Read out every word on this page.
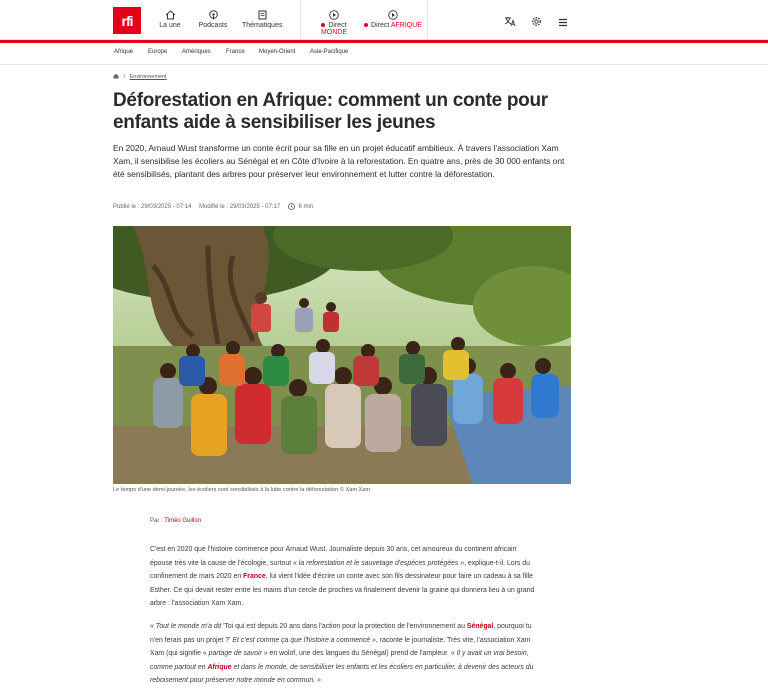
rfi	La une	Podcasts Thématiques	Direct MONDE
Direct AFRIQUE
Afrique Europe Amériques	France Moyen-Orient Asie-Pacifique
/ Environnement
Déforestation en Afrique: comment un conte pour enfants aide à sensibiliser les jeunes

En 2020, Arnaud Wust transforme un conte écrit pour sa fille en un projet éducatif ambitieux. À travers l'association Xam Xam, il sensibilise les écoliers au Sénégal et en Côte d'Ivoire à la reforestation. En quatre ans, près de 30 000 enfants ont été sensibilisés, plantant des arbres pour préserver leur environnement et lutter contre la déforestation.

Publié le : 29/03/2025 - 07:14 Modifié le : 29/03/2025 - 07:17	6 min
Le temps d'une demi-journée, les écoliers sont sensibilisés à la lutte contre la déforestation © Xam Xam
Par : Timéo Guillon

C'est en 2020 que l'histoire commence pour Arnaud Wust. Journaliste depuis 30 ans, cet amoureux du continent africain épouse très vite la cause de l'écologie, surtout « la reforestation et le sauvetage d'espèces protégées », explique-t-il. Lors du confinement de mars 2020 en France, lui vient l'idée d'écrire un conte avec son fils dessinateur pour faire un cadeau à sa fille Esther. Ce qui devait rester entre les mains d'un cercle de proches va finalement devenir la graine qui donnera lieu à un grand arbre : l'association Xam Xam.

« Tout le monde m'a dit 'Toi qui est depuis 20 ans dans l'action pour la protection de l'environnement au Sénégal, pourquoi tu n'en ferais pas un projet ?' Et c'est comme ça que l'histoire a commencé », raconte le journaliste. Très vite, l'association Xam Xam (qui signifie « partage de savoir » en wolof, une des langues du Sénégal) prend de l'ampleur. « Il y avait un vrai besoin, comme partout en Afrique et dans le monde, de sensibiliser les enfants et les écoliers en particulier, à devenir des acteurs du reboisement pour préserver notre monde en commun. »
